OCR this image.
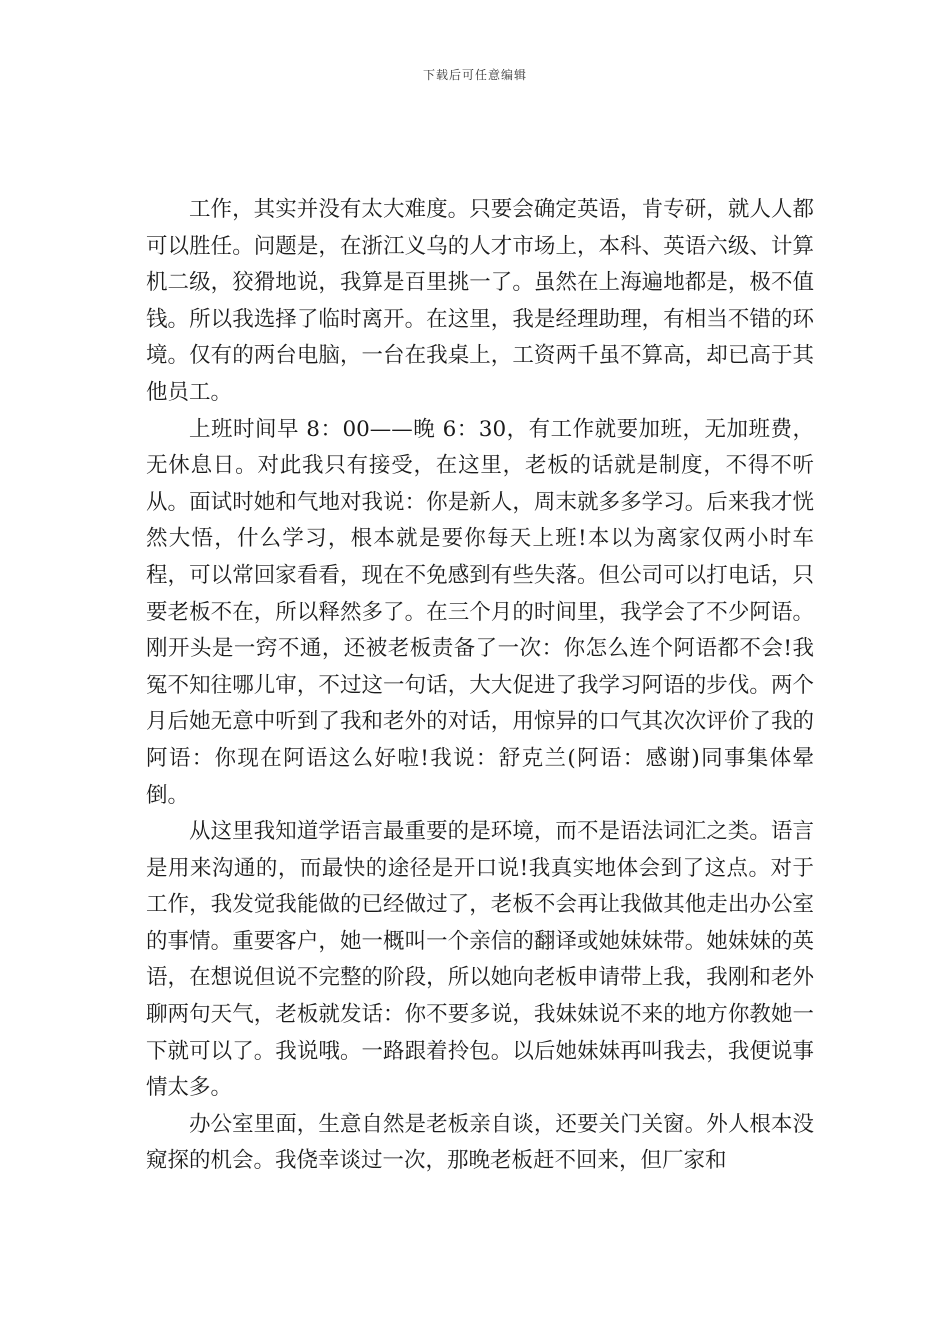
下载后可任意编辑

工作，其实并没有太大难度。只要会确定英语，肯专研，就人人都可以胜任。问题是，在浙江义乌的人才市场上，本科、英语六级、计算机二级，狡猾地说，我算是百里挑一了。虽然在上海遍地都是，极不值钱。所以我选择了临时离开。在这里，我是经理助理，有相当不错的环境。仅有的两台电脑，一台在我桌上，工资两千虽不算高，却已高于其他员工。

上班时间早 8：00——晚 6：30，有工作就要加班，无加班费，无休息日。对此我只有接受，在这里，老板的话就是制度，不得不听从。面试时她和气地对我说：你是新人，周末就多多学习。后来我才恍然大悟，什么学习，根本就是要你每天上班!本以为离家仅两小时车程，可以常回家看看，现在不免感到有些失落。但公司可以打电话，只要老板不在，所以释然多了。在三个月的时间里，我学会了不少阿语。刚开头是一窍不通，还被老板责备了一次：你怎么连个阿语都不会!我冤不知往哪儿审，不过这一句话，大大促进了我学习阿语的步伐。两个月后她无意中听到了我和老外的对话，用惊异的口气其次次评价了我的阿语：你现在阿语这么好啦!我说：舒克兰(阿语：感谢)同事集体晕倒。

从这里我知道学语言最重要的是环境，而不是语法词汇之类。语言是用来沟通的，而最快的途径是开口说!我真实地体会到了这点。对于工作，我发觉我能做的已经做过了，老板不会再让我做其他走出办公室的事情。重要客户，她一概叫一个亲信的翻译或她妹妹带。她妹妹的英语，在想说但说不完整的阶段，所以她向老板申请带上我，我刚和老外聊两句天气，老板就发话：你不要多说，我妹妹说不来的地方你教她一下就可以了。我说哦。一路跟着拎包。以后她妹妹再叫我去，我便说事情太多。

办公室里面，生意自然是老板亲自谈，还要关门关窗。外人根本没窥探的机会。我侥幸谈过一次，那晚老板赶不回来，但厂家和
